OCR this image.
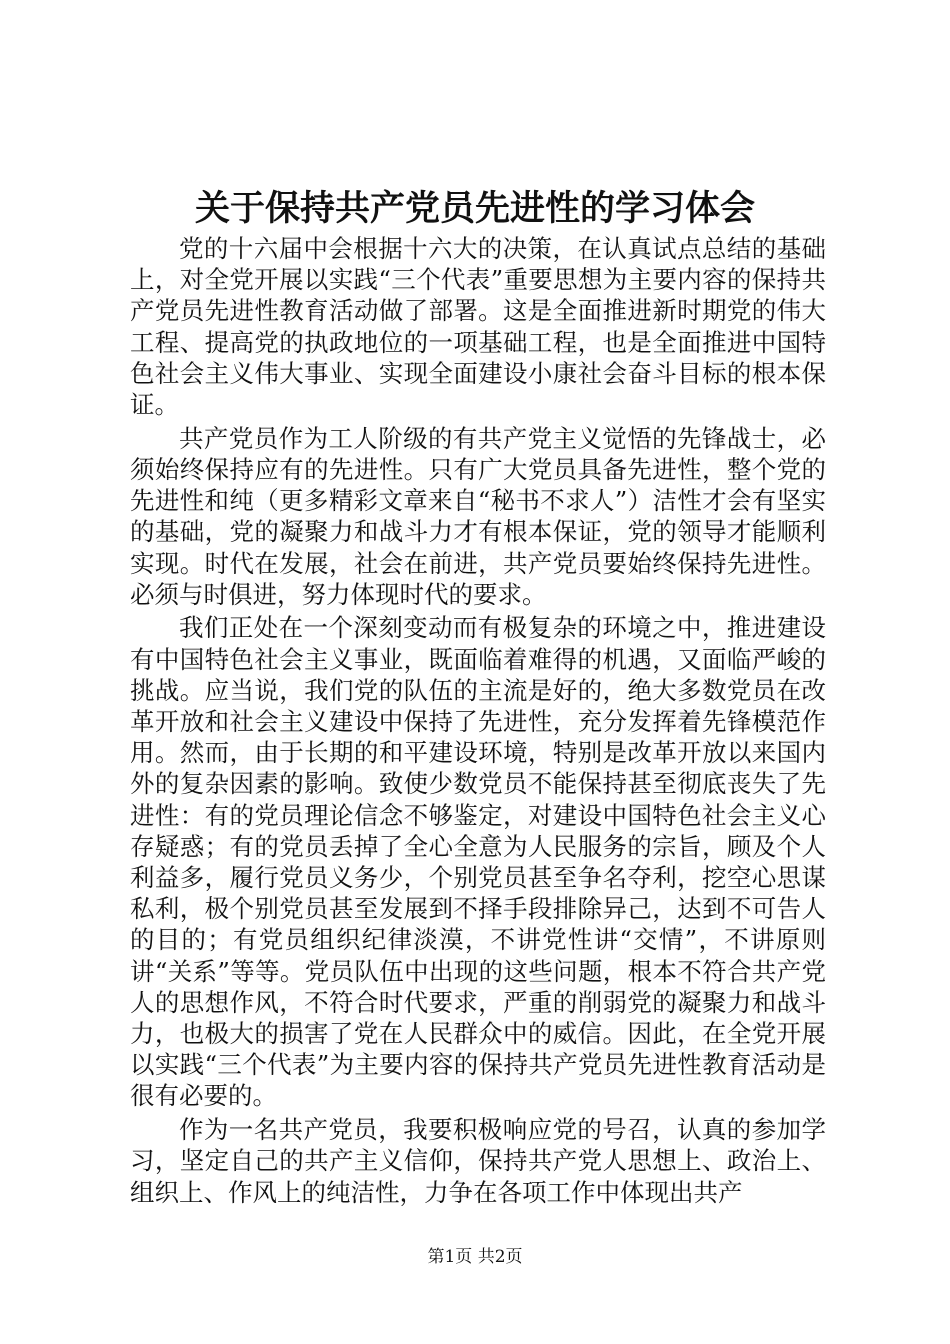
关于保持共产党员先进性的学习体会

党的十六届中会根据十六大的决策，在认真试点总结的基础上，对全党开展以实践“三个代表”重要思想为主要内容的保持共产党员先进性教育活动做了部署。这是全面推进新时期党的伟大工程、提高党的执政地位的一项基础工程，也是全面推进中国特色社会主义伟大事业、实现全面建设小康社会奋斗目标的根本保证。

共产党员作为工人阶级的有共产党主义觉悟的先锋战士，必须始终保持应有的先进性。只有广大党员具备先进性，整个党的先进性和纯（更多精彩文章来自“秘书不求人”）洁性才会有坚实的基础，党的凝聚力和战斗力才有根本保证，党的领导才能顺利实现。时代在发展，社会在前进，共产党员要始终保持先进性。必须与时俱进，努力体现时代的要求。

我们正处在一个深刻变动而有极复杂的环境之中，推进建设有中国特色社会主义事业，既面临着难得的机遇，又面临严峻的挑战。应当说，我们党的队伍的主流是好的，绝大多数党员在改革开放和社会主义建设中保持了先进性，充分发挥着先锋模范作用。然而，由于长期的和平建设环境，特别是改革开放以来国内外的复杂因素的影响。致使少数党员不能保持甚至彻底丧失了先进性：有的党员理论信念不够鉴定，对建设中国特色社会主义心存疑惑；有的党员丢掉了全心全意为人民服务的宗旨，顾及个人利益多，履行党员义务少，个别党员甚至争名夺利，挖空心思谋私利，极个别党员甚至发展到不择手段排除异己，达到不可告人的目的；有党员组织纪律淡漠，不讲党性讲“交情”，不讲原则讲“关系”等等。党员队伍中出现的这些问题，根本不符合共产党人的思想作风，不符合时代要求，严重的削弱党的凝聚力和战斗力，也极大的损害了党在人民群众中的威信。因此，在全党开展以实践“三个代表”为主要内容的保持共产党员先进性教育活动是很有必要的。

作为一名共产党员，我要积极响应党的号召，认真的参加学习，坚定自己的共产主义信仰，保持共产党人思想上、政治上、组织上、作风上的纯洁性，力争在各项工作中体现出共产

第1页 共2页
